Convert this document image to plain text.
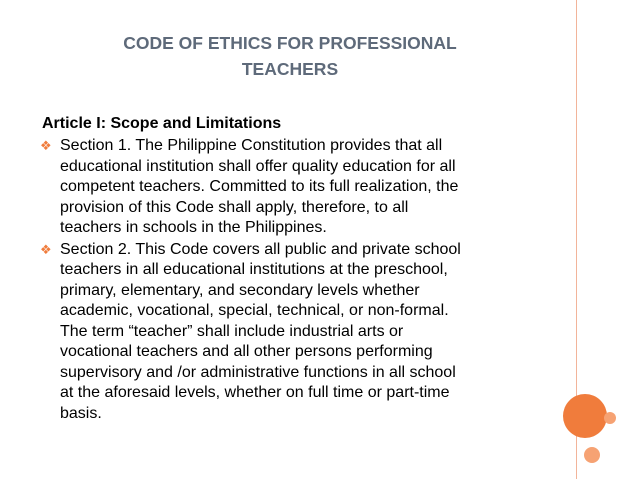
CODE OF ETHICS FOR PROFESSIONAL
TEACHERS

Article I: Scope and Limitations

❖ Section 1. The Philippine Constitution provides that all
educational institution shall offer quality education for all
competent teachers. Committed to its full realization, the
provision of this Code shall apply, therefore, to all
teachers in schools in the Philippines.
❖ Section 2. This Code covers all public and private school
teachers in all educational institutions at the preschool,
primary, elementary, and secondary levels whether
academic, vocational, special, technical, or non-formal.
The term “teacher” shall include industrial arts or
vocational teachers and all other persons performing
supervisory and /or administrative functions in all school
at the aforesaid levels, whether on full time or part-time
basis.
